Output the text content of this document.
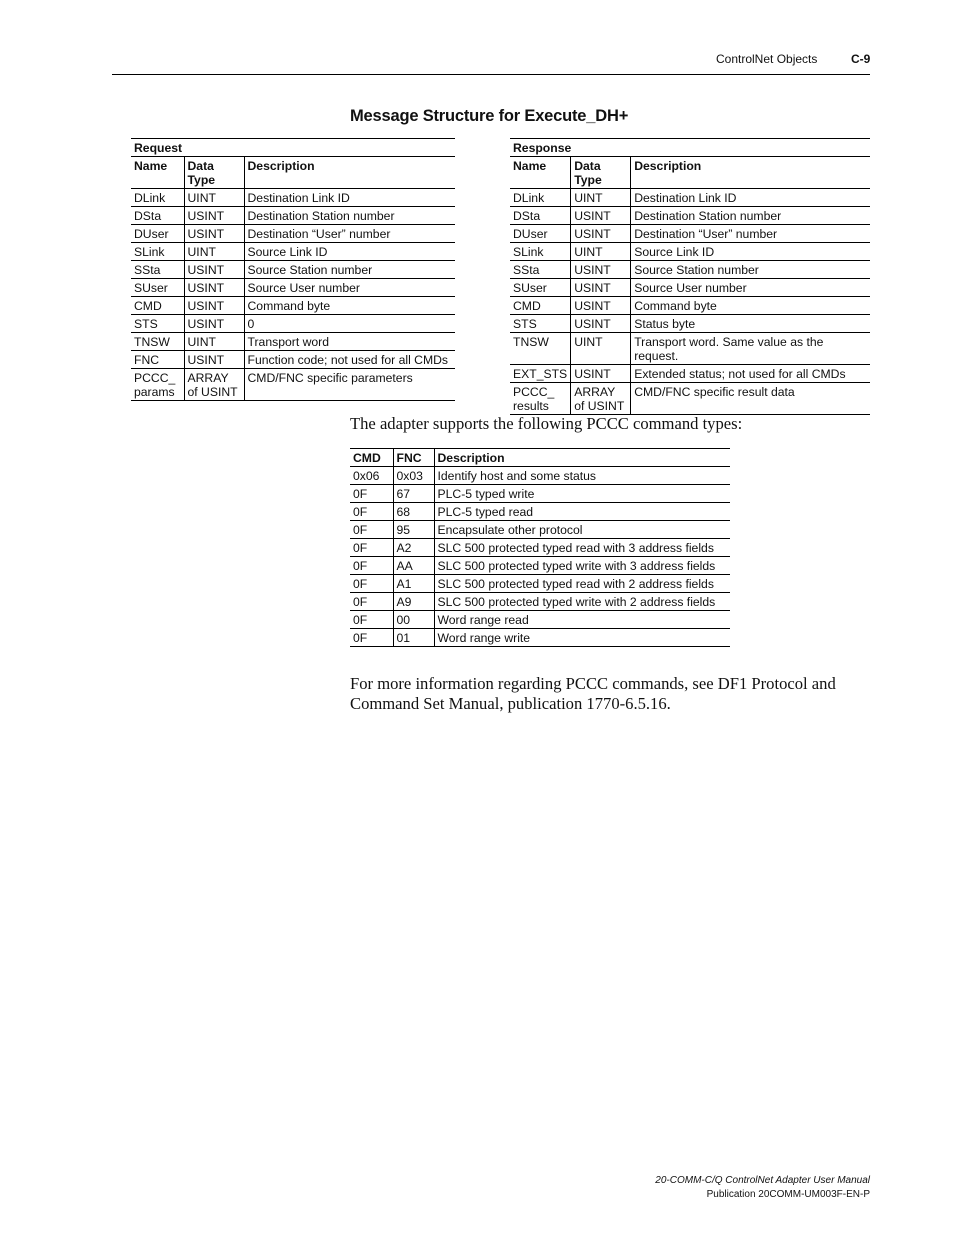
ControlNet Objects	C-9
Message Structure for Execute_DH+
Request		
Name	Data Type	Description
DLink	UINT	Destination Link ID
DSta	USINT	Destination Station number
DUser	USINT	Destination “User” number
SLink	UINT	Source Link ID
SSta	USINT	Source Station number
SUser	USINT	Source User number
CMD	USINT	Command byte
STS	USINT	0
TNSW	UINT	Transport word
FNC	USINT	Function code; not used for all CMDs
PCCC_ params	ARRAY of USINT	CMD/FNC specific parameters
Response		
Name	Data Type	Description
DLink	UINT	Destination Link ID
DSta	USINT	Destination Station number
DUser	USINT	Destination “User” number
SLink	UINT	Source Link ID
SSta	USINT	Source Station number
SUser	USINT	Source User number
CMD	USINT	Command byte
STS	USINT	Status byte
TNSW	UINT	Transport word. Same value as the request.
EXT_STS	USINT	Extended status; not used for all CMDs
PCCC_ results	ARRAY of USINT	CMD/FNC specific result data
The adapter supports the following PCCC command types:
CMD	FNC	Description
0x06	0x03	Identify host and some status
0F	67	PLC-5 typed write
0F	68	PLC-5 typed read
0F	95	Encapsulate other protocol
0F	A2	SLC 500 protected typed read with 3 address fields
0F	AA	SLC 500 protected typed write with 3 address fields
0F	A1	SLC 500 protected typed read with 2 address fields
0F	A9	SLC 500 protected typed write with 2 address fields
0F	00	Word range read
0F	01	Word range write
For more information regarding PCCC commands, see DF1 Protocol and Command Set Manual, publication 1770-6.5.16.
20-COMM-C/Q ControlNet Adapter User Manual
Publication 20COMM-UM003F-EN-P
